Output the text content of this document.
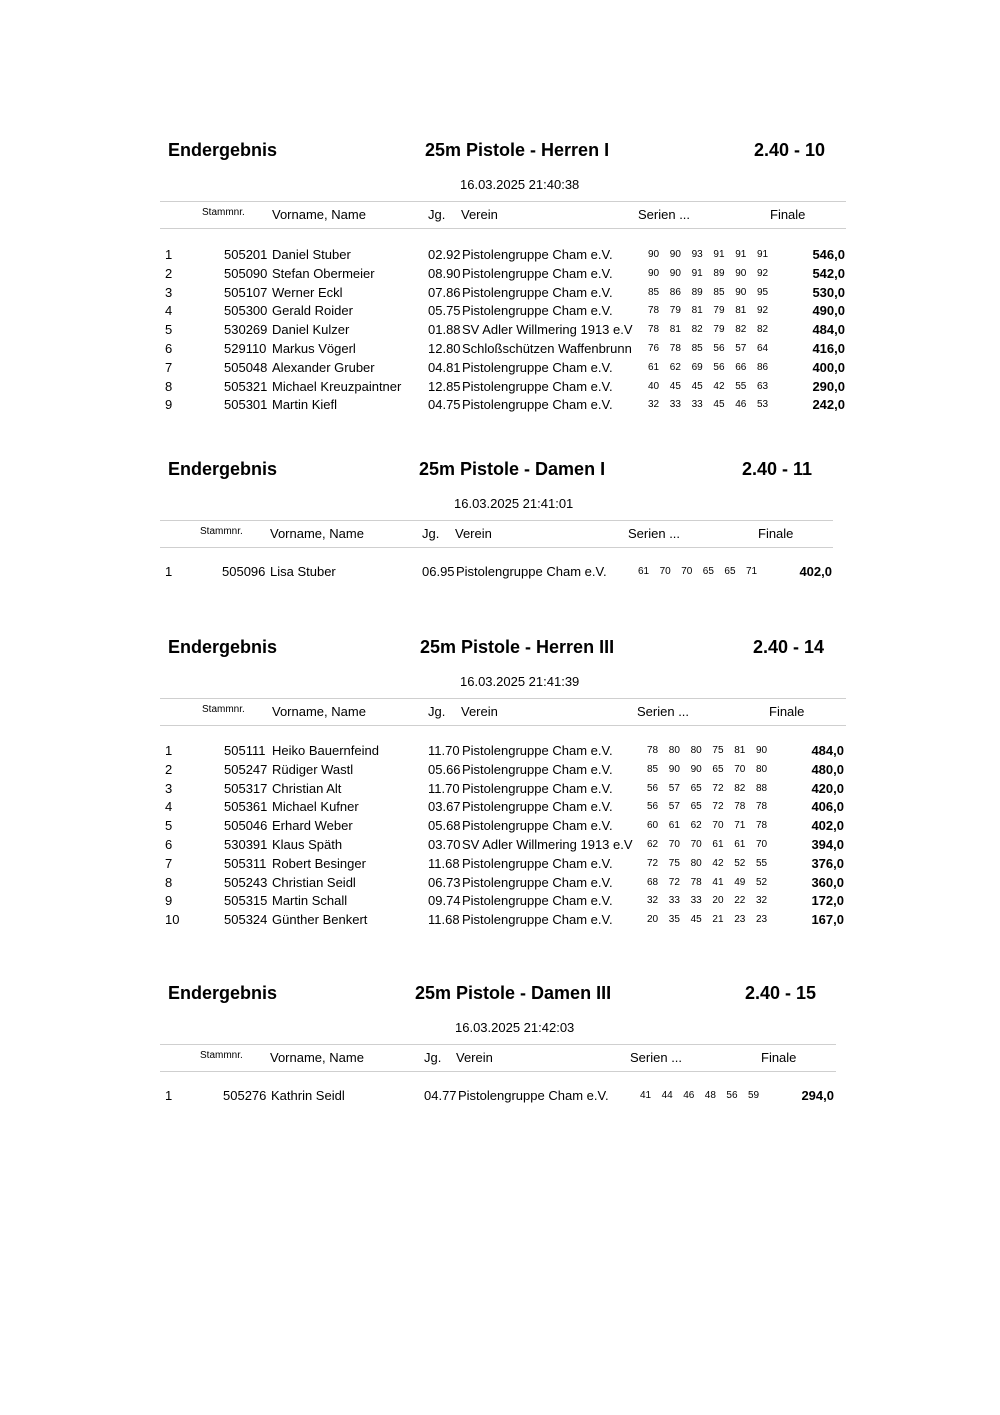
Endergebnis	25m Pistole - Herren I	2.40 - 10
16.03.2025 21:40:38
Stammnr. Vorname, Name	Jg. Verein	Serien ...	Finale
1	505201 Daniel Stuber	02.92 Pistolengruppe Cham e.V.	90 90 93 91 91 91	546,0
2	505090 Stefan Obermeier	08.90 Pistolengruppe Cham e.V.	90 90 91 89 90 92	542,0
3	505107 Werner Eckl	07.86 Pistolengruppe Cham e.V.	85 86 89 85 90 95	530,0
4	505300 Gerald Roider	05.75 Pistolengruppe Cham e.V.	78 79 81 79 81 92	490,0
5	530269 Daniel Kulzer	01.88 SV Adler Willmering 1913 e.V 78 81 82 79 82 82	484,0
6	529110 Markus Vögerl	12.80 Schloßschützen Waffenbrunn 76 78 85 56 57 64	416,0
7	505048 Alexander Gruber	04.81 Pistolengruppe Cham e.V.	61 62 69 56 66 86	400,0
8	505321 Michael Kreuzpaintner 12.85 Pistolengruppe Cham e.V.	40 45 45 42 55 63	290,0
9	505301 Martin Kiefl	04.75 Pistolengruppe Cham e.V.	32 33 33 45 46 53	242,0
Endergebnis	25m Pistole - Damen I	2.40 - 11
16.03.2025 21:41:01
Stammnr. Vorname, Name	Jg. Verein	Serien ...	Finale
1	505096 Lisa Stuber	06.95 Pistolengruppe Cham e.V.	61 70 70 65 65 71	402,0
Endergebnis	25m Pistole - Herren III	2.40 - 14
16.03.2025 21:41:39
Stammnr. Vorname, Name	Jg. Verein	Serien ...	Finale
1	505111 Heiko Bauernfeind	11.70 Pistolengruppe Cham e.V.	78 80 80 75 81 90	484,0
2	505247 Rüdiger Wastl	05.66 Pistolengruppe Cham e.V.	85 90 90 65 70 80	480,0
3	505317 Christian Alt	11.70 Pistolengruppe Cham e.V.	56 57 65 72 82 88	420,0
4	505361 Michael Kufner	03.67 Pistolengruppe Cham e.V.	56 57 65 72 78 78	406,0
5	505046 Erhard Weber	05.68 Pistolengruppe Cham e.V.	60 61 62 70 71 78	402,0
6	530391 Klaus Späth	03.70 SV Adler Willmering 1913 e.V 62 70 70 61 61 70	394,0
7	505311 Robert Besinger	11.68 Pistolengruppe Cham e.V.	72 75 80 42 52 55	376,0
8	505243 Christian Seidl	06.73 Pistolengruppe Cham e.V.	68 72 78 41 49 52	360,0
9	505315 Martin Schall	09.74 Pistolengruppe Cham e.V.	32 33 33 20 22 32	172,0
10	505324 Günther Benkert	11.68 Pistolengruppe Cham e.V.	20 35 45 21 23 23	167,0
Endergebnis	25m Pistole - Damen III	2.40 - 15
16.03.2025 21:42:03
Stammnr. Vorname, Name	Jg. Verein	Serien ...	Finale
1	505276 Kathrin Seidl	04.77 Pistolengruppe Cham e.V.	41 44 46 48 56 59	294,0
